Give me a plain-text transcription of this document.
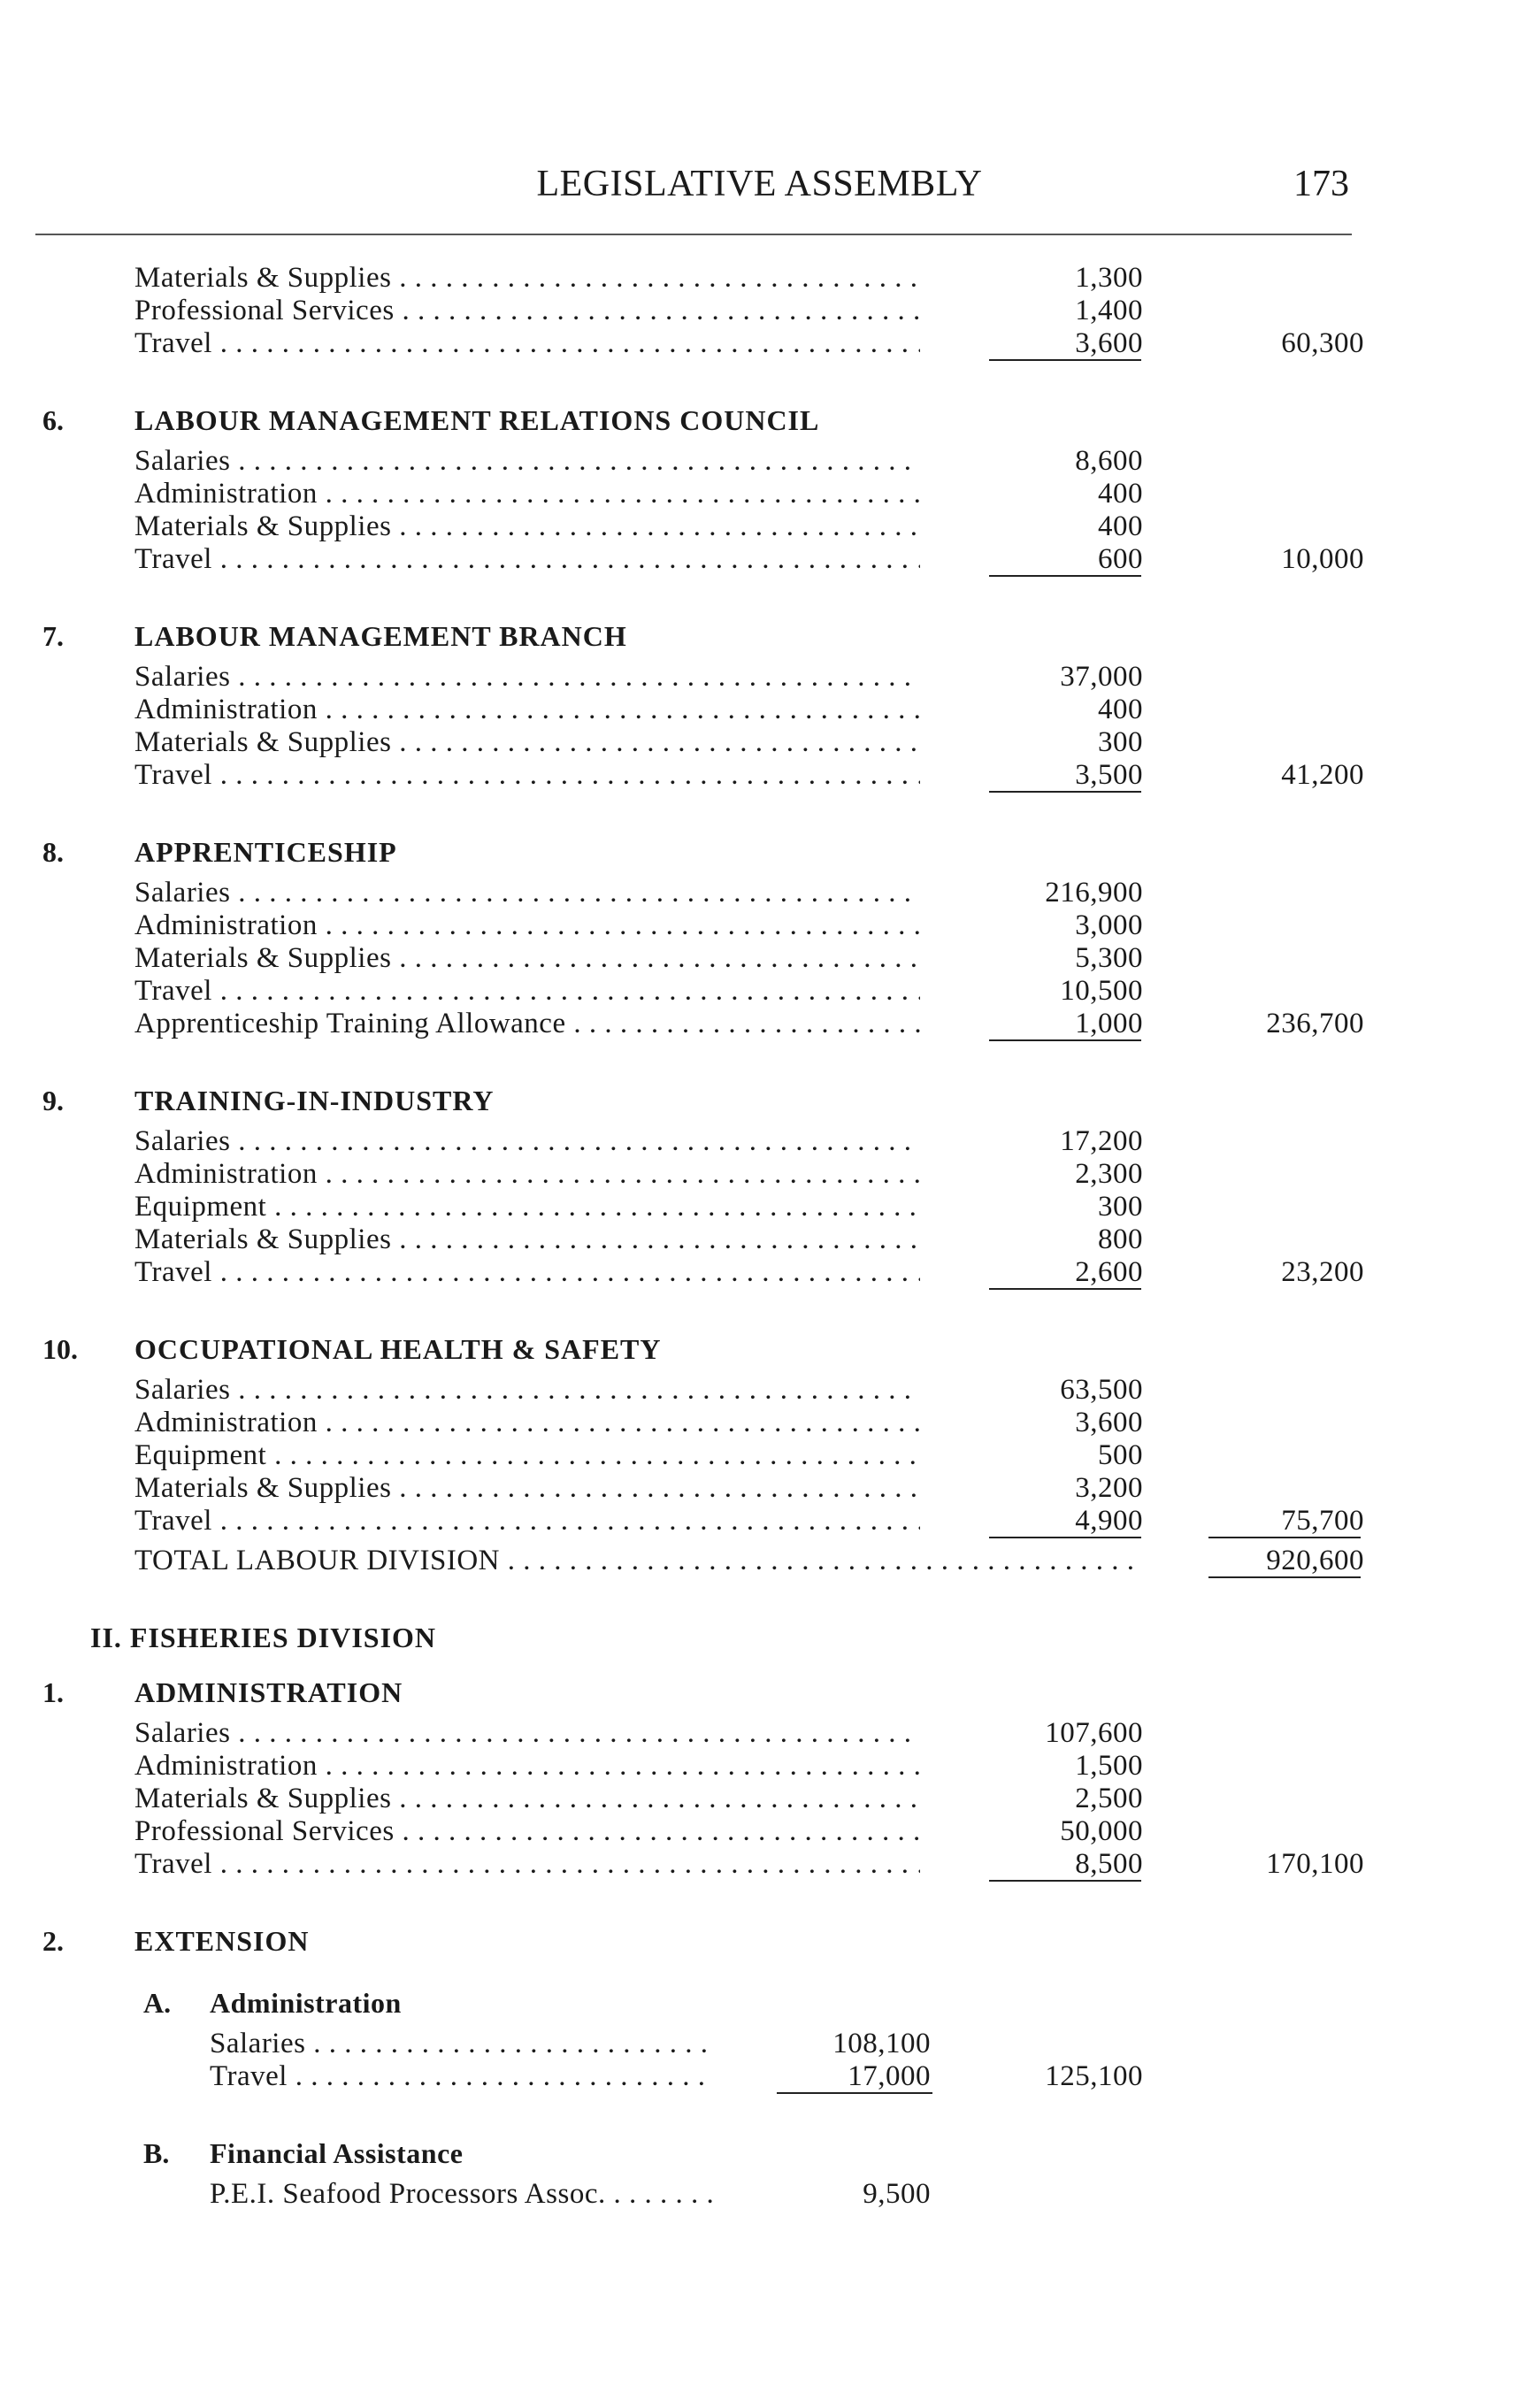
LEGISLATIVE ASSEMBLY	173
Materials & Supplies . . .	1,300
Professional Services . . .	1,400
Travel . . .	3,600	60,300
6.	LABOUR MANAGEMENT RELATIONS COUNCIL
Salaries . . .	8,600
Administration . . .	400
Materials & Supplies . . .	400
Travel . . .	600	10,000
7.	LABOUR MANAGEMENT BRANCH
Salaries . . .	37,000
Administration . . .	400
Materials & Supplies . . .	300
Travel . . .	3,500	41,200
8.	APPRENTICESHIP
Salaries . . .	216,900
Administration . . .	3,000
Materials & Supplies . . .	5,300
Travel . . .	10,500
Apprenticeship Training Allowance . . .	1,000	236,700
9.	TRAINING-IN-INDUSTRY
Salaries . . .	17,200
Administration . . .	2,300
Equipment . . .	300
Materials & Supplies . . .	800
Travel . . .	2,600	23,200
10.	OCCUPATIONAL HEALTH & SAFETY
Salaries . . .	63,500
Administration . . .	3,600
Equipment . . .	500
Materials & Supplies . . .	3,200
Travel . . .	4,900	75,700
TOTAL LABOUR DIVISION . . .	920,600
II. FISHERIES DIVISION
1.	ADMINISTRATION
Salaries . . .	107,600
Administration . . .	1,500
Materials & Supplies . . .	2,500
Professional Services . . .	50,000
Travel . . .	8,500	170,100
2.	EXTENSION
A.	Administration
Salaries . . .	108,100
Travel . . .	17,000	125,100
B.	Financial Assistance
P.E.I. Seafood Processors Assoc. . . .	9,500
